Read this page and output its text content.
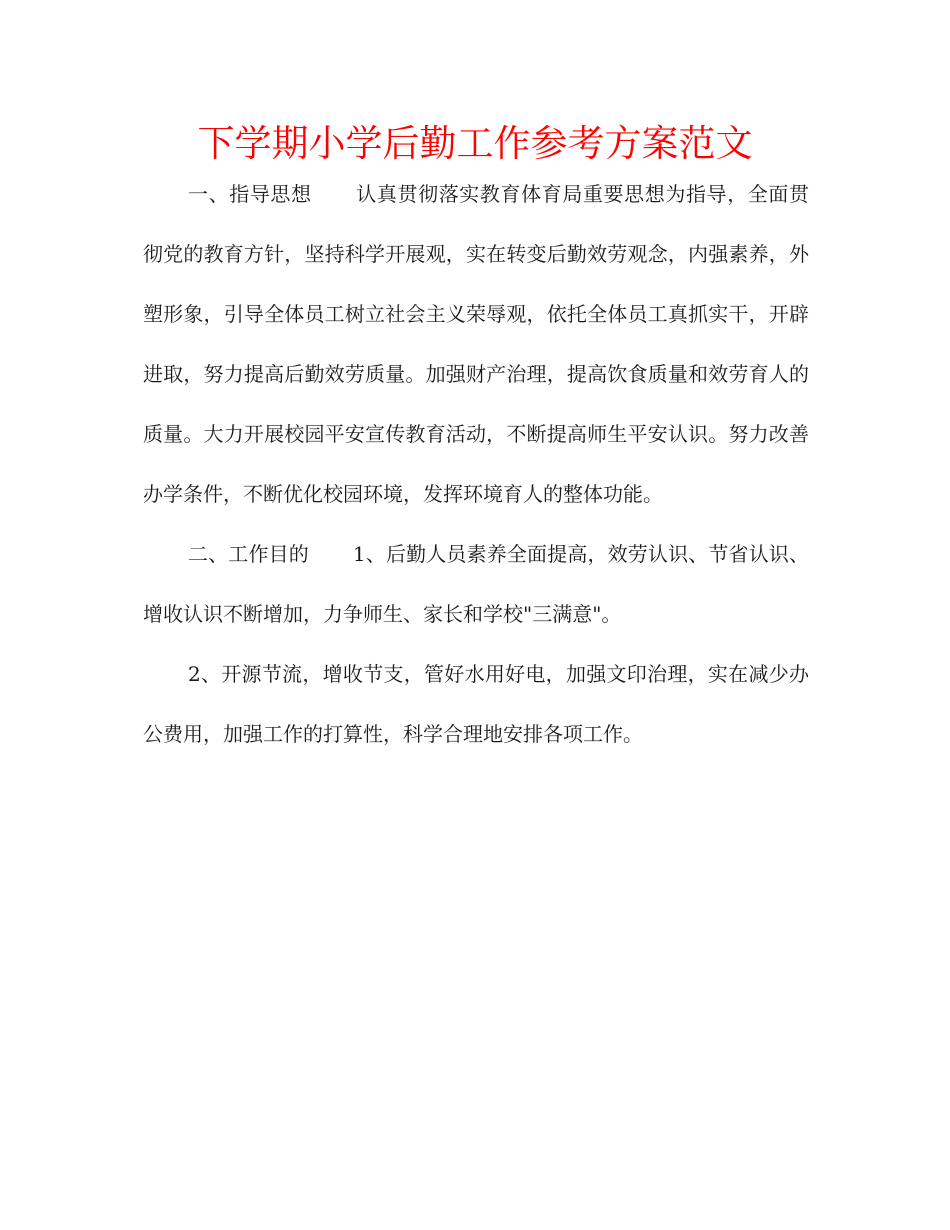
下学期小学后勤工作参考方案范文

一、指导思想 认真贯彻落实教育体育局重要思想为指导，全面贯彻党的教育方针，坚持科学开展观，实在转变后勤效劳观念，内强素养，外塑形象，引导全体员工树立社会主义荣辱观，依托全体员工真抓实干，开辟进取，努力提高后勤效劳质量。加强财产治理，提高饮食质量和效劳育人的质量。大力开展校园平安宣传教育活动，不断提高师生平安认识。努力改善办学条件，不断优化校园环境，发挥环境育人的整体功能。

二、工作目的 1、后勤人员素养全面提高，效劳认识、节省认识、增收认识不断增加，力争师生、家长和学校"三满意"。

2、开源节流，增收节支，管好水用好电，加强文印治理，实在减少办公费用，加强工作的打算性，科学合理地安排各项工作。
